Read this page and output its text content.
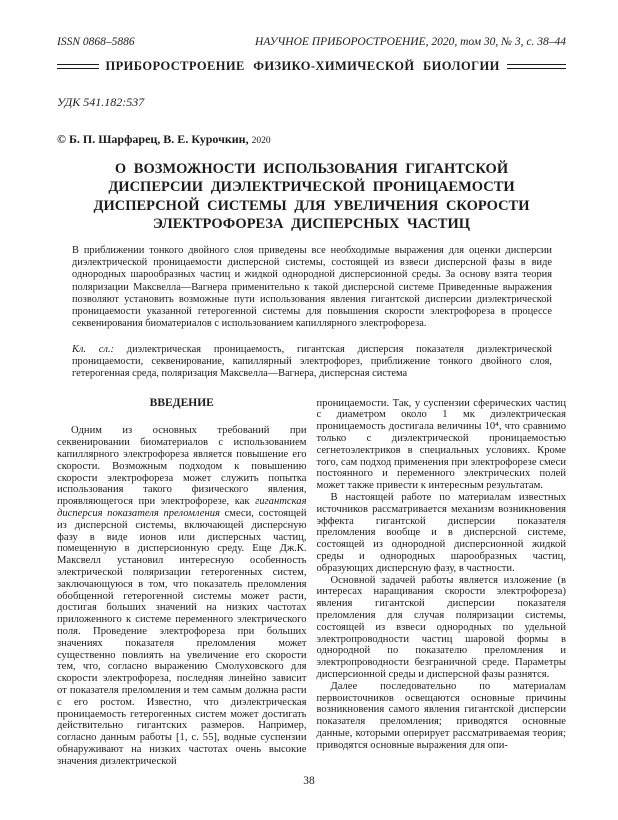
ISSN 0868–5886	НАУЧНОЕ ПРИБОРОСТРОЕНИЕ, 2020, том 30, № 3, с. 38–44
ПРИБОРОСТРОЕНИЕ ФИЗИКО-ХИМИЧЕСКОЙ БИОЛОГИИ
УДК 541.182:537
© Б. П. Шарфарец, В. Е. Курочкин, 2020
О ВОЗМОЖНОСТИ ИСПОЛЬЗОВАНИЯ ГИГАНТСКОЙ ДИСПЕРСИИ ДИЭЛЕКТРИЧЕСКОЙ ПРОНИЦАЕМОСТИ ДИСПЕРСНОЙ СИСТЕМЫ ДЛЯ УВЕЛИЧЕНИЯ СКОРОСТИ ЭЛЕКТРОФОРЕЗА ДИСПЕРСНЫХ ЧАСТИЦ
В приближении тонкого двойного слоя приведены все необходимые выражения для оценки дисперсии диэлектрической проницаемости дисперсной системы, состоящей из взвеси дисперсной фазы в виде однородных шарообразных частиц и жидкой однородной дисперсионной среды. За основу взята теория поляризации Максвелла—Вагнера применительно к такой дисперсной системе Приведенные выражения позволяют установить возможные пути использования явления гигантской дисперсии диэлектрической проницаемости указанной гетерогенной системы для повышения скорости электрофореза в процессе секвенирования биоматериалов с использованием капиллярного электрофореза.
Кл. сл.: диэлектрическая проницаемость, гигантская дисперсия показателя диэлектрической проницаемости, секвенирование, капиллярный электрофорез, приближение тонкого двойного слоя, гетерогенная среда, поляризация Максвелла—Вагнера, дисперсная система
ВВЕДЕНИЕ

Одним из основных требований при секвенировании биоматериалов с использованием капиллярного электрофореза является повышение его скорости. Возможным подходом к повышению скорости электрофореза может служить попытка использования такого физического явления, проявляющегося при электрофорезе, как гигантская дисперсия показателя преломления смеси, состоящей из дисперсной системы, включающей дисперсную фазу в виде ионов или дисперсных частиц, помещенную в дисперсионную среду. Еще Дж.К. Максвелл установил интересную особенность электрической поляризации гетерогенных систем, заключающуюся в том, что показатель преломления обобщенной гетерогенной системы может расти, достигая больших значений на низких частотах приложенного к системе переменного электрического поля. Проведение электрофореза при больших значениях показателя преломления может существенно повлиять на увеличение его скорости тем, что, согласно выражению Смолуховского для скорости электрофореза, последняя линейно зависит от показателя преломления и тем самым должна расти с его ростом. Известно, что диэлектрическая проницаемость гетерогенных систем может достигать действительно гигантских размеров. Например, согласно данным работы [1, с. 55], водные суспензии обнаруживают на низких частотах очень высокие значения диэлектрической

проницаемости. Так, у суспензии сферических частиц с диаметром около 1 мк диэлектрическая проницаемость достигала величины 10⁴, что сравнимо только с диэлектрической проницаемостью сегнетоэлектриков в специальных условиях. Кроме того, сам подход применения при электрофорезе смеси постоянного и переменного электрических полей может также привести к интересным результатам.

В настоящей работе по материалам известных источников рассматривается механизм возникновения эффекта гигантской дисперсии показателя преломления вообще и в дисперсной системе, состоящей из однородной дисперсионной жидкой среды и однородных шарообразных частиц, образующих дисперсную фазу, в частности.

Основной задачей работы является изложение (в интересах наращивания скорости электрофореза) явления гигантской дисперсии показателя преломления для случая поляризации системы, состоящей из взвеси однородных по удельной электропроводности частиц шаровой формы в однородной по показателю преломления и электропроводности безграничной среде. Параметры дисперсионной среды и дисперсной фазы разнятся.

Далее последовательно по материалам первоисточников освещаются основные причины возникновения самого явления гигантской дисперсии показателя преломления; приводятся основные данные, которыми оперирует рассматриваемая теория; приводятся основные выражения для опи-

38
